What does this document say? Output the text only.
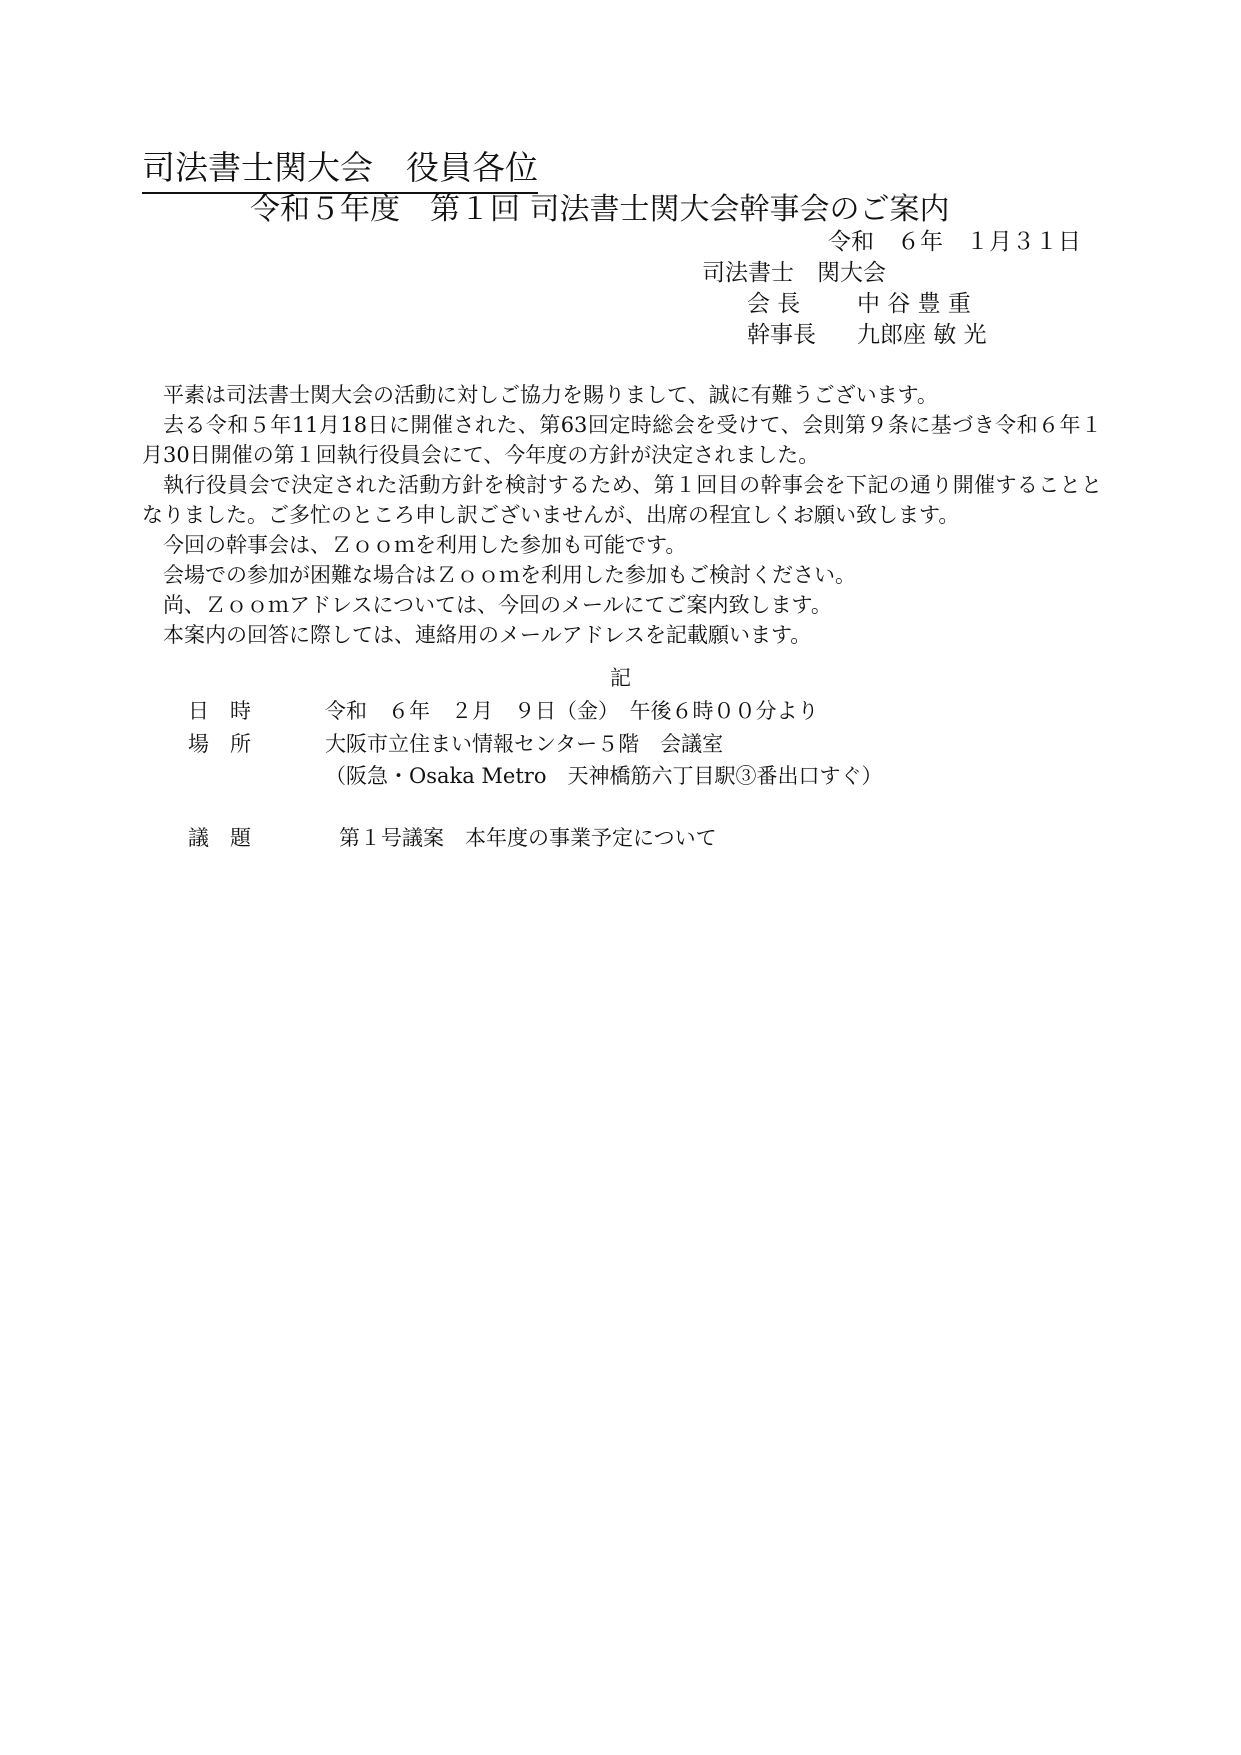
司法書士関大会　役員各位
令和５年度　第１回 司法書士関大会幹事会のご案内
令和　６年　１月３１日
司法書士　関大会
会 長	中 谷 豊 重
幹事長	九郎座 敏 光

平素は司法書士関大会の活動に対しご協力を賜りまして、誠に有難うございます。

去る令和５年11月18日に開催された、第63回定時総会を受けて、会則第９条に基づき令和６年１月30日開催の第１回執行役員会にて、今年度の方針が決定されました。

執行役員会で決定された活動方針を検討するため、第１回目の幹事会を下記の通り開催することとなりました。ご多忙のところ申し訳ございませんが、出席の程宜しくお願い致します。

今回の幹事会は、Ｚｏｏｍを利用した参加も可能です。

会場での参加が困難な場合はＺｏｏｍを利用した参加もご検討ください。

尚、Ｚｏｏｍアドレスについては、今回のメールにてご案内致します。

本案内の回答に際しては、連絡用のメールアドレスを記載願います。

記
日　時	令和　６年　２月　９日（金）　午後６時００分より
場　所	大阪市立住まい情報センター５階　会議室
（阪急・Osaka Metro　天神橋筋六丁目駅③番出口すぐ）
議　題	第１号議案　本年度の事業予定について
